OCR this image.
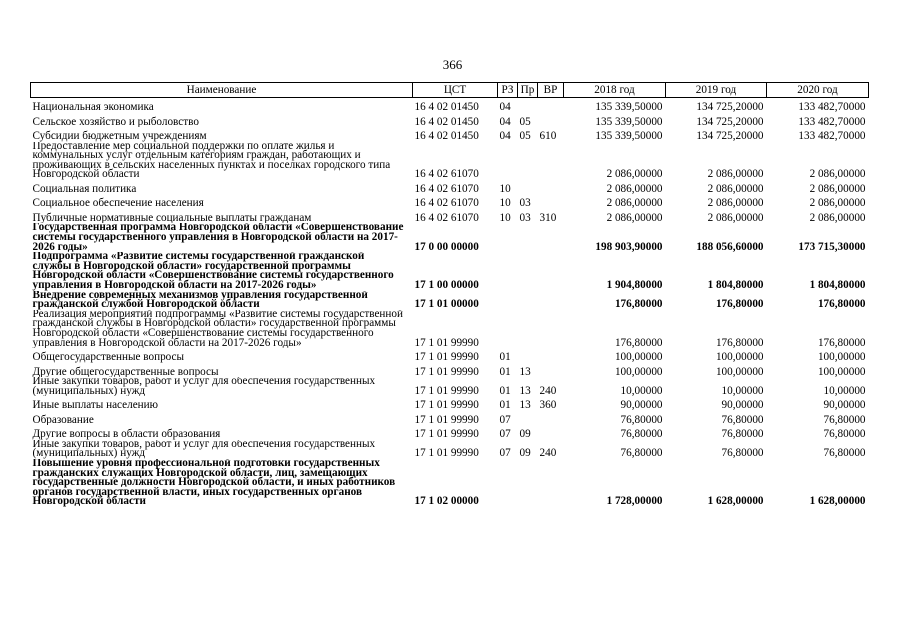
366
Наименование	ЦСТ	РЗ	Пр	ВР	2018 год	2019 год	2020 год
Национальная экономика	16 4 02 01450	04			135 339,50000	134 725,20000	133 482,70000
Сельское хозяйство и рыболовство	16 4 02 01450	04	05		135 339,50000	134 725,20000	133 482,70000
Субсидии бюджетным учреждениям	16 4 02 01450	04	05	610	135 339,50000	134 725,20000	133 482,70000
Предоставление мер социальной поддержки по оплате жилья и коммунальных услуг отдельным категориям граждан, работающих и проживающих в сельских населенных пунктах и поселках городского типа Новгородской области	16 4 02 61070				2 086,00000	2 086,00000	2 086,00000
Социальная политика	16 4 02 61070	10			2 086,00000	2 086,00000	2 086,00000
Социальное обеспечение населения	16 4 02 61070	10	03		2 086,00000	2 086,00000	2 086,00000
Публичные нормативные социальные выплаты гражданам	16 4 02 61070	10	03	310	2 086,00000	2 086,00000	2 086,00000
Государственная программа Новгородской области «Совершенствование системы государственного управления в Новгородской области на 2017-2026 годы»	17 0 00 00000				198 903,90000	188 056,60000	173 715,30000
Подпрограмма «Развитие системы государственной гражданской службы в Новгородской области» государственной программы Новгородской области «Совершенствование системы государственного управления в Новгородской области на 2017-2026 годы»	17 1 00 00000				1 904,80000	1 804,80000	1 804,80000
Внедрение современных механизмов управления государственной гражданской службой Новгородской области	17 1 01 00000				176,80000	176,80000	176,80000
Реализация мероприятий подпрограммы «Развитие системы государственной гражданской службы в Новгородской области» государственной программы Новгородской области «Совершенствование системы государственного управления в Новгородской области на 2017-2026 годы»	17 1 01 99990				176,80000	176,80000	176,80000
Общегосударственные вопросы	17 1 01 99990	01			100,00000	100,00000	100,00000
Другие общегосударственные вопросы	17 1 01 99990	01	13		100,00000	100,00000	100,00000
Иные закупки товаров, работ и услуг для обеспечения государственных (муниципальных) нужд	17 1 01 99990	01	13	240	10,00000	10,00000	10,00000
Иные выплаты населению	17 1 01 99990	01	13	360	90,00000	90,00000	90,00000
Образование	17 1 01 99990	07			76,80000	76,80000	76,80000
Другие вопросы в области образования	17 1 01 99990	07	09		76,80000	76,80000	76,80000
Иные закупки товаров, работ и услуг для обеспечения государственных (муниципальных) нужд	17 1 01 99990	07	09	240	76,80000	76,80000	76,80000
Повышение уровня профессиональной подготовки государственных гражданских служащих Новгородской области, лиц, замещающих государственные должности Новгородской области, и иных работников органов государственной власти, иных государственных органов Новгородской области	17 1 02 00000				1 728,00000	1 628,00000	1 628,00000
